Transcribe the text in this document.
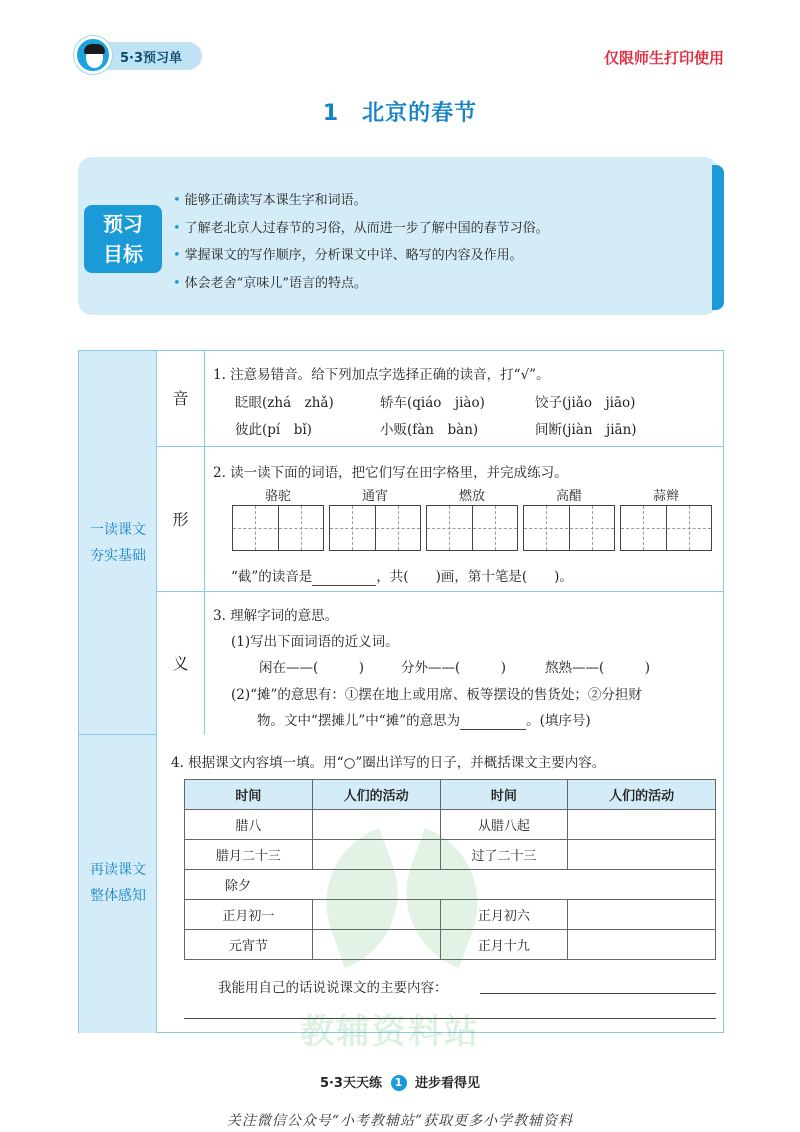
5·3预习单	仅限师生打印使用
1　北京的春节
• 能够正确读写本课生字和词语。
• 了解老北京人过春节的习俗，从而进一步了解中国的春节习俗。
• 掌握课文的写作顺序，分析课文中详、略写的内容及作用。
• 体会老舍“京味儿”语言的特点。
预习
目标
一读课文
夯实基础
再读课文
整体感知
音
1. 注意易错音。给下列加点字选择正确的读音，打“√”。
眨眼(zhá　zhǎ)	轿车(qiáo　jiào)	饺子(jiǎo　jiāo)
彼此(pí　bǐ)	小贩(fàn　bàn)	间断(jiàn　jiān)
形
2. 读一读下面的词语，把它们写在田字格里，并完成练习。
骆驼	通宵	燃放	高醋	蒜辫
“截”的读音是	，共(　　)画，第十笔是(　　)。
义
3. 理解字词的意思。
(1)写出下面词语的近义词。
闲在——(　　　)	分外——(　　　)	熬熟——(　　　)
(2)“摊”的意思有：①摆在地上或用席、板等摆设的售货处；②分担财
物。文中“摆摊儿”中“摊”的意思为	。(填序号)
4. 根据课文内容填一填。用“○”圈出详写的日子，并概括课文主要内容。
时间	人们的活动	时间	人们的活动
腊八		从腊八起	
腊月二十三		过了二十三	
除夕			
正月初一		正月初六	
元宵节		正月十九	
我能用自己的话说说课文的主要内容：
教辅资料站
5·3天天练 1 进步看得见
关注微信公众号“小考教辅站”获取更多小学教辅资料
